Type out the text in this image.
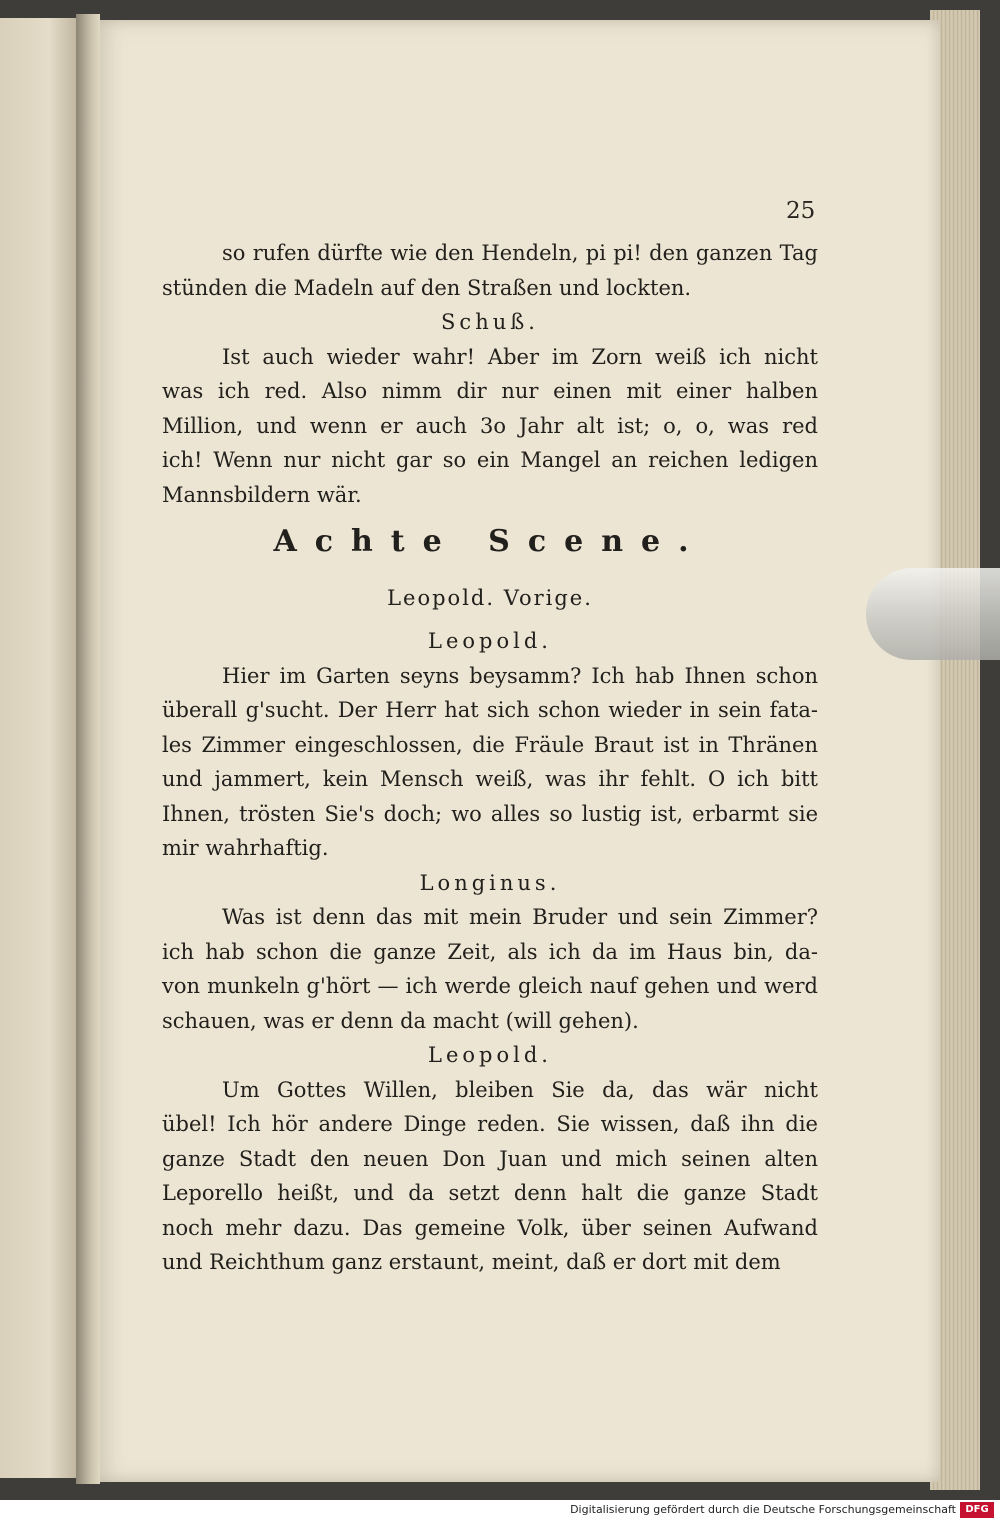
25
so rufen dürfte wie den Hendeln, pi pi! den ganzen Tag
stünden die Madeln auf den Straßen und lockten.
Schuß.
Ist auch wieder wahr! Aber im Zorn weiß ich nicht
was ich red. Also nimm dir nur einen mit einer halben
Million, und wenn er auch 3o Jahr alt ist; o, o, was red
ich! Wenn nur nicht gar so ein Mangel an reichen ledigen
Mannsbildern wär.
Achte Scene.
Leopold. Vorige.
Leopold.
Hier im Garten seyns beysamm? Ich hab Ihnen schon
überall g'sucht. Der Herr hat sich schon wieder in sein fata-
les Zimmer eingeschlossen, die Fräule Braut ist in Thränen
und jammert, kein Mensch weiß, was ihr fehlt. O ich bitt
Ihnen, trösten Sie's doch; wo alles so lustig ist, erbarmt sie
mir wahrhaftig.
Longinus.
Was ist denn das mit mein Bruder und sein Zimmer?
ich hab schon die ganze Zeit, als ich da im Haus bin, da-
von munkeln g'hört — ich werde gleich nauf gehen und werd
schauen, was er denn da macht (will gehen).
Leopold.
Um Gottes Willen, bleiben Sie da, das wär nicht
übel! Ich hör andere Dinge reden. Sie wissen, daß ihn die
ganze Stadt den neuen Don Juan und mich seinen alten
Leporello heißt, und da setzt denn halt die ganze Stadt
noch mehr dazu. Das gemeine Volk, über seinen Aufwand
und Reichthum ganz erstaunt, meint, daß er dort mit dem
Digitalisierung gefördert durch die Deutsche Forschungsgemeinschaft DFG
